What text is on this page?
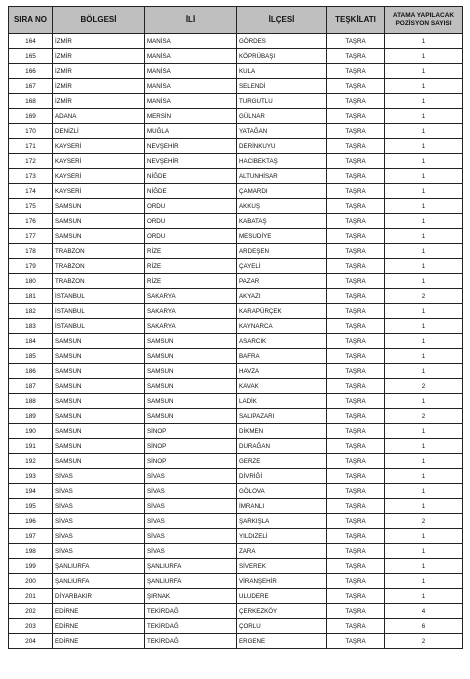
SIRA NO	BÖLGESİ	İLİ	İLÇESİ	TEŞKİLATI	ATAMA YAPILACAK POZİSYON SAYISI
164	İZMİR	MANİSA	GÖRDES	TAŞRA	1
165	İZMİR	MANİSA	KÖPRÜBAŞI	TAŞRA	1
166	İZMİR	MANİSA	KULA	TAŞRA	1
167	İZMİR	MANİSA	SELENDİ	TAŞRA	1
168	İZMİR	MANİSA	TURGUTLU	TAŞRA	1
169	ADANA	MERSİN	GÜLNAR	TAŞRA	1
170	DENİZLİ	MUĞLA	YATAĞAN	TAŞRA	1
171	KAYSERİ	NEVŞEHİR	DERİNKUYU	TAŞRA	1
172	KAYSERİ	NEVŞEHİR	HACIBEKTAŞ	TAŞRA	1
173	KAYSERİ	NİĞDE	ALTUNHİSAR	TAŞRA	1
174	KAYSERİ	NİĞDE	ÇAMARDI	TAŞRA	1
175	SAMSUN	ORDU	AKKUŞ	TAŞRA	1
176	SAMSUN	ORDU	KABATAŞ	TAŞRA	1
177	SAMSUN	ORDU	MESUDİYE	TAŞRA	1
178	TRABZON	RİZE	ARDEŞEN	TAŞRA	1
179	TRABZON	RİZE	ÇAYELİ	TAŞRA	1
180	TRABZON	RİZE	PAZAR	TAŞRA	1
181	İSTANBUL	SAKARYA	AKYAZI	TAŞRA	2
182	İSTANBUL	SAKARYA	KARAPÜRÇEK	TAŞRA	1
183	İSTANBUL	SAKARYA	KAYNARCA	TAŞRA	1
184	SAMSUN	SAMSUN	ASARCIK	TAŞRA	1
185	SAMSUN	SAMSUN	BAFRA	TAŞRA	1
186	SAMSUN	SAMSUN	HAVZA	TAŞRA	1
187	SAMSUN	SAMSUN	KAVAK	TAŞRA	2
188	SAMSUN	SAMSUN	LADİK	TAŞRA	1
189	SAMSUN	SAMSUN	SALIPAZARI	TAŞRA	2
190	SAMSUN	SİNOP	DİKMEN	TAŞRA	1
191	SAMSUN	SİNOP	DURAĞAN	TAŞRA	1
192	SAMSUN	SİNOP	GERZE	TAŞRA	1
193	SİVAS	SİVAS	DİVRİĞİ	TAŞRA	1
194	SİVAS	SİVAS	GÖLOVA	TAŞRA	1
195	SİVAS	SİVAS	İMRANLI	TAŞRA	1
196	SİVAS	SİVAS	ŞARKIŞLA	TAŞRA	2
197	SİVAS	SİVAS	YILDIZELİ	TAŞRA	1
198	SİVAS	SİVAS	ZARA	TAŞRA	1
199	ŞANLIURFA	ŞANLIURFA	SİVEREK	TAŞRA	1
200	ŞANLIURFA	ŞANLIURFA	VİRANŞEHİR	TAŞRA	1
201	DİYARBAKIR	ŞIRNAK	ULUDERE	TAŞRA	1
202	EDİRNE	TEKİRDAĞ	ÇERKEZKÖY	TAŞRA	4
203	EDİRNE	TEKİRDAĞ	ÇORLU	TAŞRA	6
204	EDİRNE	TEKİRDAĞ	ERGENE	TAŞRA	2
